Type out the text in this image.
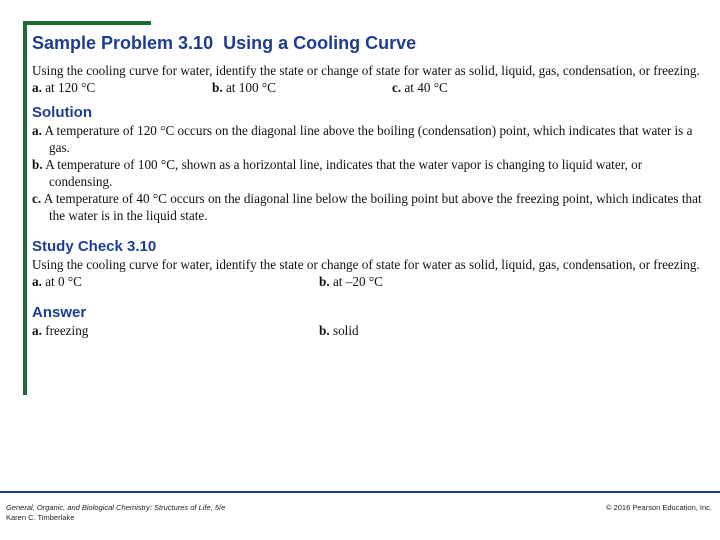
Sample Problem 3.10  Using a Cooling Curve

Using the cooling curve for water, identify the state or change of state for water as solid, liquid, gas, condensation, or freezing.

a. at 120 °C	b. at 100 °C	c. at 40 °C
Solution

a. A temperature of 120 °C occurs on the diagonal line above the boiling (condensation) point, which indicates that water is a gas.

b. A temperature of 100 °C, shown as a horizontal line, indicates that the water vapor is changing to liquid water, or condensing.

c. A temperature of 40 °C occurs on the diagonal line below the boiling point but above the freezing point, which indicates that the water is in the liquid state.

Study Check 3.10

Using the cooling curve for water, identify the state or change of state for water as solid, liquid, gas, condensation, or freezing.

a. at 0 °C	b. at –20 °C
Answer
a. freezing	b. solid
General, Organic, and Biological Chemistry: Structures of Life, 5/e
Karen C. Timberlake
© 2016 Pearson Education, Inc.
